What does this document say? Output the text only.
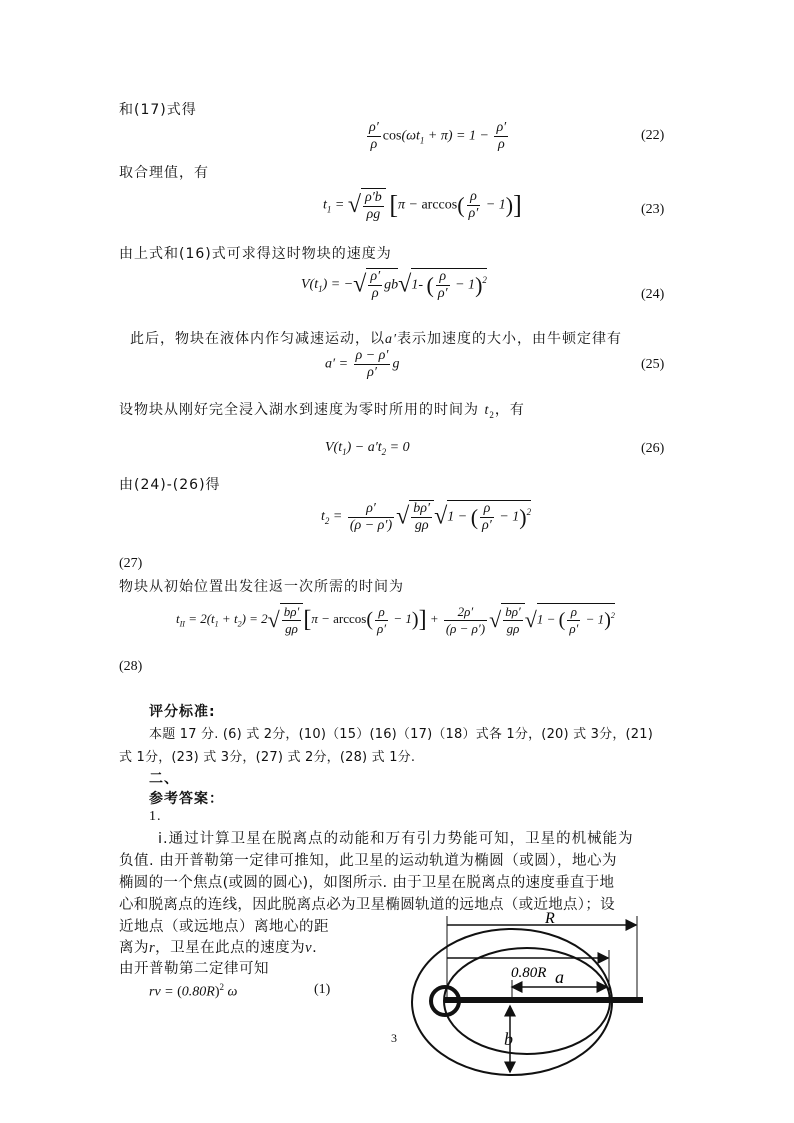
和(17)式得
$\frac{\rho'}{\rho} \cos(\omega t_1 + \pi) = 1 - \frac{\rho'}{\rho}$	(22)
取合理值，有
$t_1$ = √ $\frac{\rho'b}{\rho g} [\pi - \arccos( \frac{\rho}{\rho'} - 1)]$	(23)
由上式和(16)式可求得这时物块的速度为
$V(t_1)$ = −√ $\frac{\rho'}{\rho} gb√1-$ ( $\frac{\rho}{\rho'} - 1)^2$
(24)
此后，物块在液体内作匀减速运动，以a′表示加速度的大小，由牛顿定律有
$a' = \frac{\rho - \rho'}{\rho'}$ g	(25)
设物块从刚好完全浸入湖水到速度为零时所用的时间为 $t_2$，有
$V(t_1) - a't_2 = 0$	(26)
由(24)-(26)得
$t_2 = \frac{\rho'}{(\rho - \rho')}$ √ $\frac{b\rho'}{g\rho} √1$ − ( $\frac{\rho}{\rho'} - 1)^2$
(27)
物块从初始位置出发往返一次所需的时间为
$t_{II} = 2(t_1 + t_2) = 2√ \frac{b\rho'}{g\rho} [\pi - \arccos( \frac{\rho}{\rho'} - 1)] + \frac{2\rho'}{(\rho - \rho')}$ √ $\frac{b\rho'}{g\rho} √1$ − ( $\frac{\rho}{\rho'} - 1)^2$
(28)
评分标准:
本题 17 分. (6) 式 2分，(10)（15）(16)（17)（18）式各 1分，(20) 式 3分，(21)
式 1分，(23) 式 3分，(27) 式 2分，(28) 式 1分.
二、
参考答案：
1.
i.通过计算卫星在脱离点的动能和万有引力势能可知，卫星的机械能为
负值. 由开普勒第一定律可推知，此卫星的运动轨道为椭圆（或圆），地心为
椭圆的一个焦点(或圆的圆心)，如图所示. 由于卫星在脱离点的速度垂直于地
心和脱离点的连线，因此脱离点必为卫星椭圆轨道的远地点（或近地点）；设
近地点（或远地点）离地心的距
离为r，卫星在此点的速度为v.
由开普勒第二定律可知
rv = $(0.80R)^2$ ω	(1)
3
R
0.80R a
b
